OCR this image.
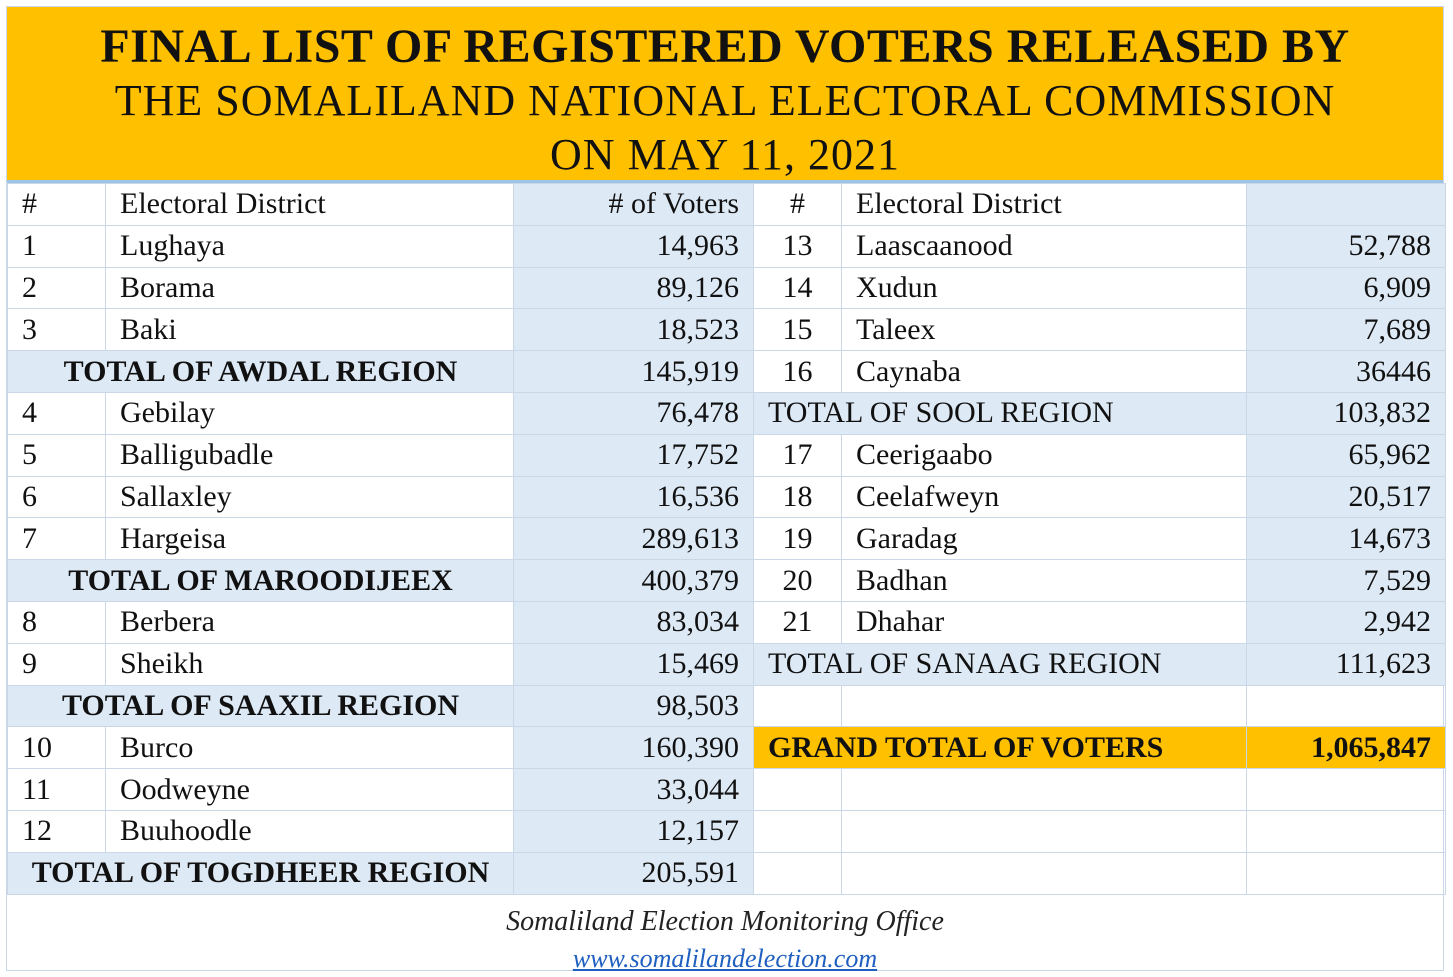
FINAL LIST OF REGISTERED VOTERS RELEASED BY
THE SOMALILAND NATIONAL ELECTORAL COMMISSION
ON MAY 11, 2021
#	Electoral District	# of Voters	#	Electoral District	
1	Lughaya	14,963	13	Laascaanood	52,788
2	Borama	89,126	14	Xudun	6,909
3	Baki	18,523	15	Taleex	7,689
TOTAL OF AWDAL REGION		145,919	16	Caynaba	36446
4	Gebilay	76,478	TOTAL OF SOOL REGION		103,832
5	Balligubadle	17,752	17	Ceerigaabo	65,962
6	Sallaxley	16,536	18	Ceelafweyn	20,517
7	Hargeisa	289,613	19	Garadag	14,673
TOTAL OF MAROODIJEEX		400,379	20	Badhan	7,529
8	Berbera	83,034	21	Dhahar	2,942
9	Sheikh	15,469	TOTAL OF SANAAG REGION		111,623
TOTAL OF SAAXIL REGION		98,503			
10	Burco	160,390	GRAND TOTAL OF VOTERS		1,065,847
11	Oodweyne	33,044			
12	Buuhoodle	12,157			
TOTAL OF TOGDHEER REGION		205,591			
Somaliland Election Monitoring Office
www.somalilandelection.com
